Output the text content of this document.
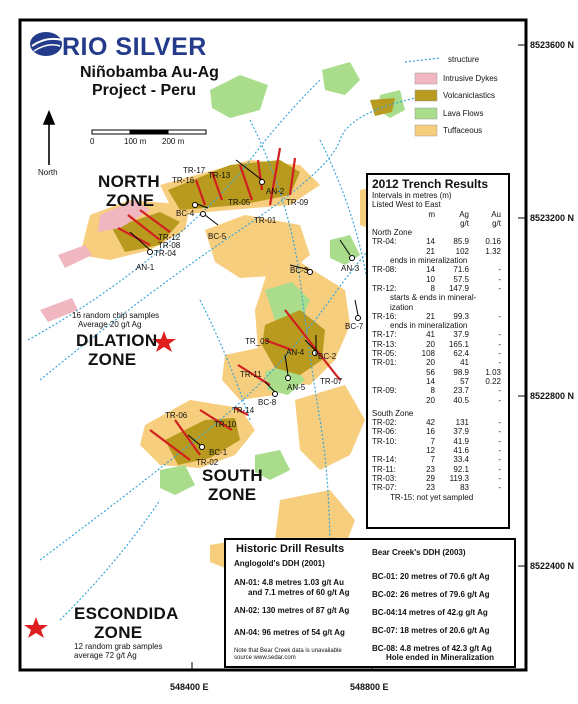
RIO SILVER
Niñobamba Au-Ag
Project - Peru
North
0	100 m 200 m
structure
Intrusive Dykes
Volcaniclastics
Lava Flows
Tuffaceous
8523600 N
8523200 N
8522800 N
8522400 N
548400 E	548800 E
NORTH
ZONE
DILATION
ZONE
SOUTH
ZONE
ESCONDIDA
ZONE
16 random chip samples
Average 20 g/t Ag
12 random grab samples
average 72 g/t Ag
TR-16
TR-17
TR-13
TR-05
TR-01
TR-09
TR-12
TR-08
TR-04
TR_03
TR-11
TR-07
TR-14
TR-10
TR-06
TR-02
AN-2
BC-4
BC-5
AN-1	BC-3	AN-3
BC-7
AN-4 BC-2
AN-5
BC-8
BC-1
2012 Trench Results
Intervals in metres (m)
Listed West to East
m	Ag	Au
g/t	g/t
North Zone
TR-04:	14	85.9	0.16
21	102	1.32
ends in mineralization
TR-08:	14	71.6	-
10	57.5	-
TR-12:	8	147.9	-
starts & ends in mineral-
ization
TR-16:	21	99.3	-
ends in mineralization
TR-17:	41	37.9	-
TR-13:	20	165.1	-
TR-05:	108	62.4	-
TR-01:	20	41	-
56	98.9	1.03
14	57	0.22
TR-09:	8	23.7	-
20	40.5	-
South Zone
TR-02:	42	131	-
TR-06:	16	37.9	-
TR-10:	7	41.9	-
12	41.6	-
TR-14:	7	33.4	-
TR-11:	23	92.1	-
TR-03:	29	119.3	-
TR-07:	23	83	-
TR-15: not yet sampled
Historic Drill Results
Anglogold's DDH (2001)
AN-01: 4.8 metres 1.03 g/t Au
and 7.1 metres of 60 g/t Ag
AN-02: 130 metres of 87 g/t Ag
AN-04: 96 metres of 54 g/t Ag
Note that Bear Creek data is unavailable
source www.sedar.com
Bear Creek's DDH (2003)
BC-01: 20 metres of 70.6 g/t Ag
BC-02: 26 metres of 79.6 g/t Ag
BC-04:14 metres of 42.g g/t Ag
BC-07: 18 metres of 20.6 g/t Ag
BC-08: 4.8 metres of 42.3 g/t Ag
Hole ended in Mineralization
